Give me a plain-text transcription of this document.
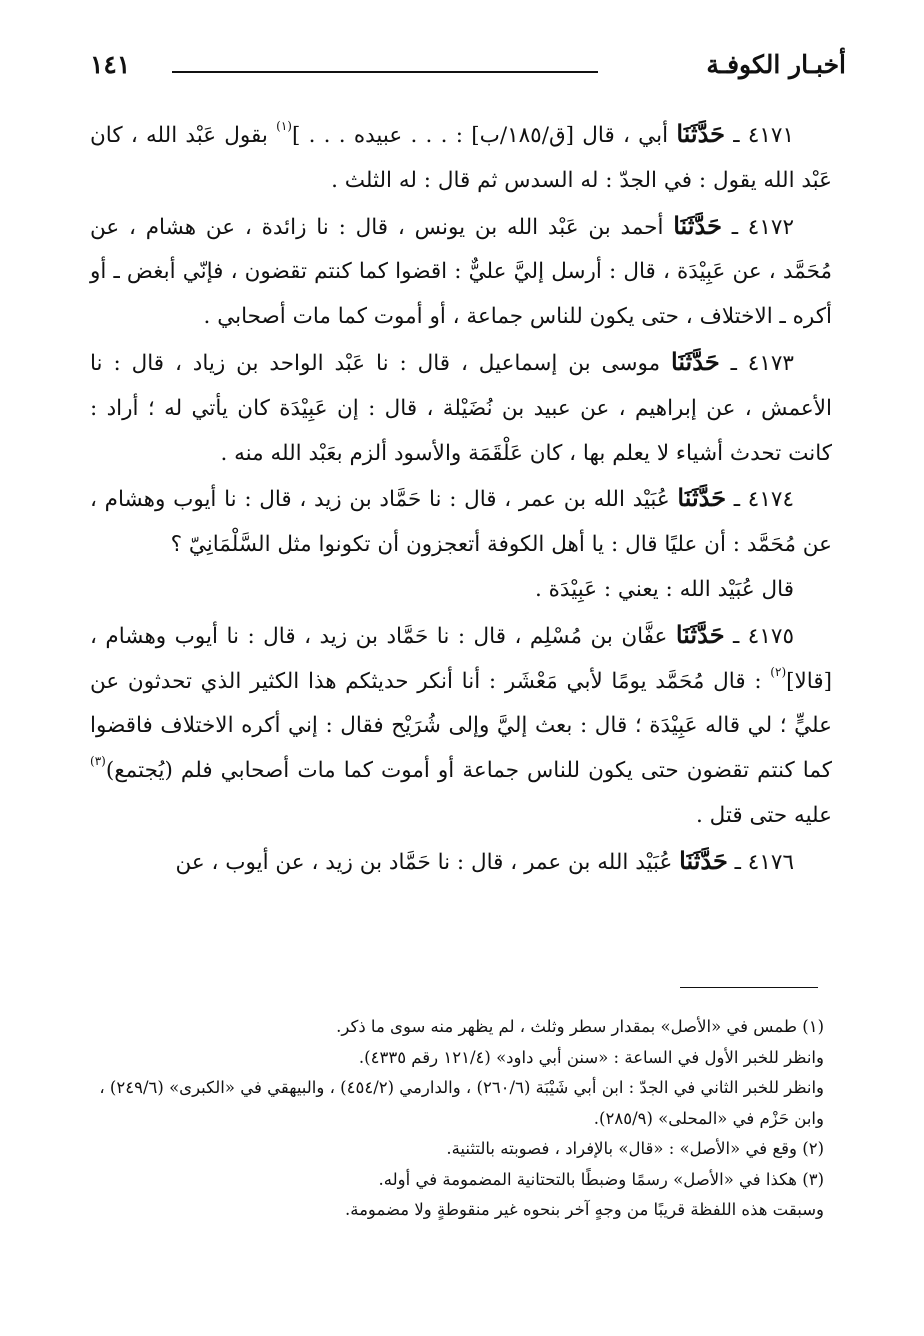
أخبـار الكوفـة
١٤١

٤١٧١ ـ حَدَّثَنَا أبي ، قال [ق/١٨٥/ب] : . . . عبيده . . . ]$^{(١)}$ بقول عَبْد الله ، كان عَبْد الله يقول : في الجدّ : له السدس ثم قال : له الثلث .

٤١٧٢ ـ حَدَّثَنَا أحمد بن عَبْد الله بن يونس ، قال : نا زائدة ، عن هشام ، عن مُحَمَّد ، عن عَبِيْدَة ، قال : أرسل إليَّ عليٌّ : اقضوا كما كنتم تقضون ، فإنّي أبغض ـ أو أكره ـ الاختلاف ، حتى يكون للناس جماعة ، أو أموت كما مات أصحابي .

٤١٧٣ ـ حَدَّثَنَا موسى بن إسماعيل ، قال : نا عَبْد الواحد بن زياد ، قال : نا الأعمش ، عن إبراهيم ، عن عبيد بن نُضَيْلة ، قال : إن عَبِيْدَة كان يأتي له ؛ أراد : كانت تحدث أشياء لا يعلم بها ، كان عَلْقَمَة والأسود ألزم بعَبْد الله منه .

٤١٧٤ ـ حَدَّثَنَا عُبَيْد الله بن عمر ، قال : نا حَمَّاد بن زيد ، قال : نا أيوب وهشام ، عن مُحَمَّد : أن عليًا قال : يا أهل الكوفة أتعجزون أن تكونوا مثل السَّلْمَانِيّ ؟

قال عُبَيْد الله : يعني : عَبِيْدَة .

٤١٧٥ ـ حَدَّثَنَا عفَّان بن مُسْلِم ، قال : نا حَمَّاد بن زيد ، قال : نا أيوب وهشام ، [قالا]$^{(٢)}$ : قال مُحَمَّد يومًا لأبي مَعْشَر : أنا أنكر حديثكم هذا الكثير الذي تحدثون عن عليٍّ ؛ لي قاله عَبِيْدَة ؛ قال : بعث إليَّ وإلى شُرَيْح فقال : إني أكره الاختلاف فاقضوا كما كنتم تقضون حتى يكون للناس جماعة أو أموت كما مات أصحابي فلم (يُجتمع)$^{(٣)}$ عليه حتى قتل .

٤١٧٦ ـ حَدَّثَنَا عُبَيْد الله بن عمر ، قال : نا حَمَّاد بن زيد ، عن أيوب ، عن

(١) طمس في «الأصل» بمقدار سطر وثلث ، لم يظهر منه سوى ما ذكر.

وانظر للخبر الأول في الساعة : «سنن أبي داود» (١٢١/٤ رقم ٤٣٣٥).

وانظر للخبر الثاني في الجدّ : ابن أبي شَيْبَة (٢٦٠/٦) ، والدارمي (٤٥٤/٢) ، والبيهقي في «الكبرى» (٢٤٩/٦) ، وابن حَزْم في «المحلى» (٢٨٥/٩).

(٢) وقع في «الأصل» : «قال» بالإفراد ، فصوبته بالتثنية.

(٣) هكذا في «الأصل» رسمًا وضبطًا بالتحتانية المضمومة في أوله.

وسبقت هذه اللفظة قريبًا من وجهٍ آخر بنحوه غير منقوطةٍ ولا مضمومة.
